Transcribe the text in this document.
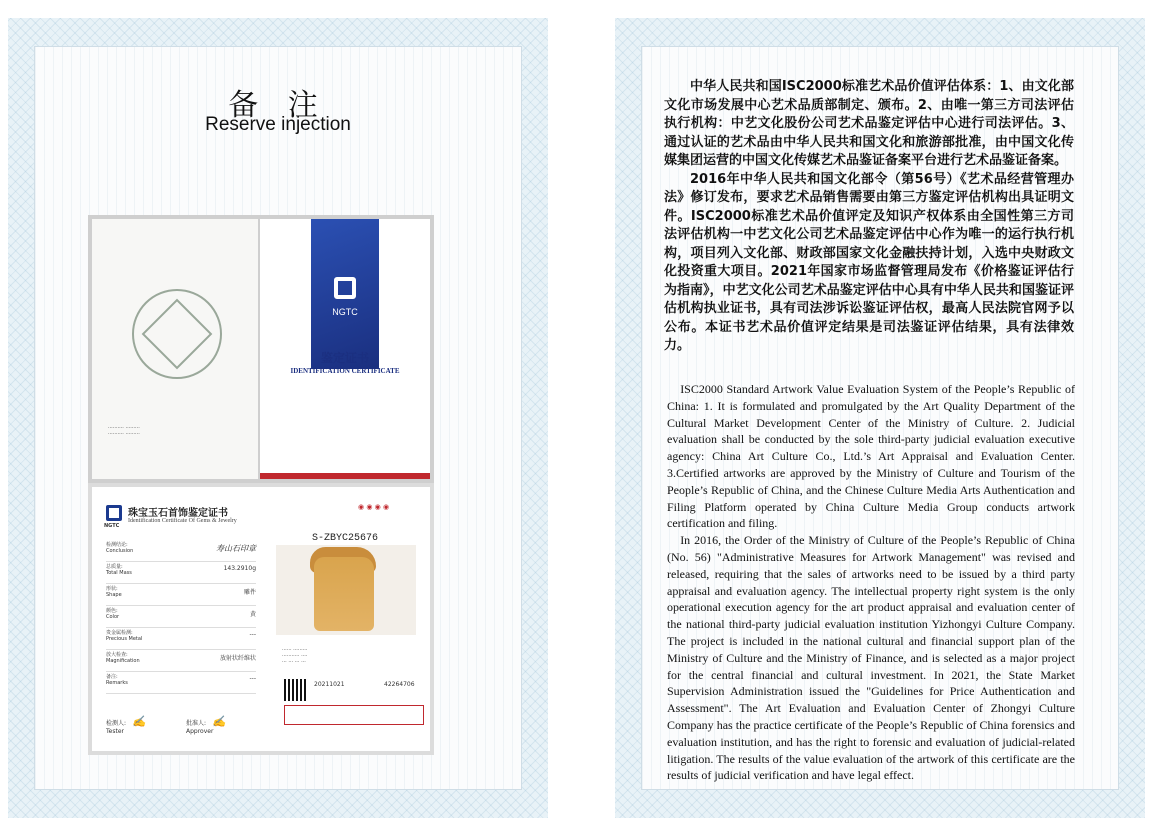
备 注
Reserve injection
·········· ·········
·········· ·········
NGTC
鉴定证书
IDENTIFICATION CERTIFICATE
NGTC
珠宝玉石首饰鉴定证书
Identification Certificate Of Gems & Jewelry
检测结论:
Conclusion	寿山石印章
总质量:
Total Mass
143.2910g
形状:
Shape	雕件
颜色:
Color	黄
贵金属检测:
Precious Metal
---
放大检查:
Magnification	放射状纤维状
备注:
Remarks
---
检测人: ✍
Tester
批准人: ✍
Approver
◉ ◉ ◉ ◉
S-ZBYC25676
······ ·········
··········· ····
··· ··· ··· ···
20211021	42264706

中华人民共和国ISC2000标准艺术品价值评估体系：1、由文化部文化市场发展中心艺术品质部制定、颁布。2、由唯一第三方司法评估执行机构：中艺文化股份公司艺术品鉴定评估中心进行司法评估。3、通过认证的艺术品由中华人民共和国文化和旅游部批准，由中国文化传媒集团运营的中国文化传媒艺术品鉴证备案平台进行艺术品鉴证备案。

2016年中华人民共和国文化部令（第56号）《艺术品经营管理办法》修订发布，要求艺术品销售需要由第三方鉴定评估机构出具证明文件。ISC2000标准艺术品价值评定及知识产权体系由全国性第三方司法评估机构一中艺文化公司艺术品鉴定评估中心作为唯一的运行执行机构，项目列入文化部、财政部国家文化金融扶持计划，入选中央财政文化投资重大项目。2021年国家市场监督管理局发布《价格鉴证评估行为指南》，中艺文化公司艺术品鉴定评估中心具有中华人民共和国鉴证评估机构执业证书，具有司法涉诉讼鉴证评估权，最高人民法院官网予以公布。本证书艺术品价值评定结果是司法鉴证评估结果，具有法律效力。

ISC2000 Standard Artwork Value Evaluation System of the People’s Republic of China: 1. It is formulated and promulgated by the Art Quality Department of the Cultural Market Development Center of the Ministry of Culture. 2. Judicial evaluation shall be conducted by the sole third-party judicial evaluation executive agency: China Art Culture Co., Ltd.’s Art Appraisal and Evaluation Center. 3.Certified artworks are approved by the Ministry of Culture and Tourism of the People’s Republic of China, and the Chinese Culture Media Arts Authentication and Filing Platform operated by China Culture Media Group conducts artwork certification and filing.

In 2016, the Order of the Ministry of Culture of the People’s Republic of China (No. 56) "Administrative Measures for Artwork Management" was revised and released, requiring that the sales of artworks need to be issued by a third party appraisal and evaluation agency. The intellectual property right system is the only operational execution agency for the art product appraisal and evaluation center of the national third-party judicial evaluation institution Yizhongyi Culture Company. The project is included in the national cultural and financial support plan of the Ministry of Culture and the Ministry of Finance, and is selected as a major project for the central financial and cultural investment. In 2021, the State Market Supervision Administration issued the "Guidelines for Price Authentication and Assessment". The Art Evaluation and Evaluation Center of Zhongyi Culture Company has the practice certificate of the People’s Republic of China forensics and evaluation institution, and has the right to forensic and evaluation of judicial-related litigation. The results of the value evaluation of the artwork of this certificate are the results of judicial verification and have legal effect.
